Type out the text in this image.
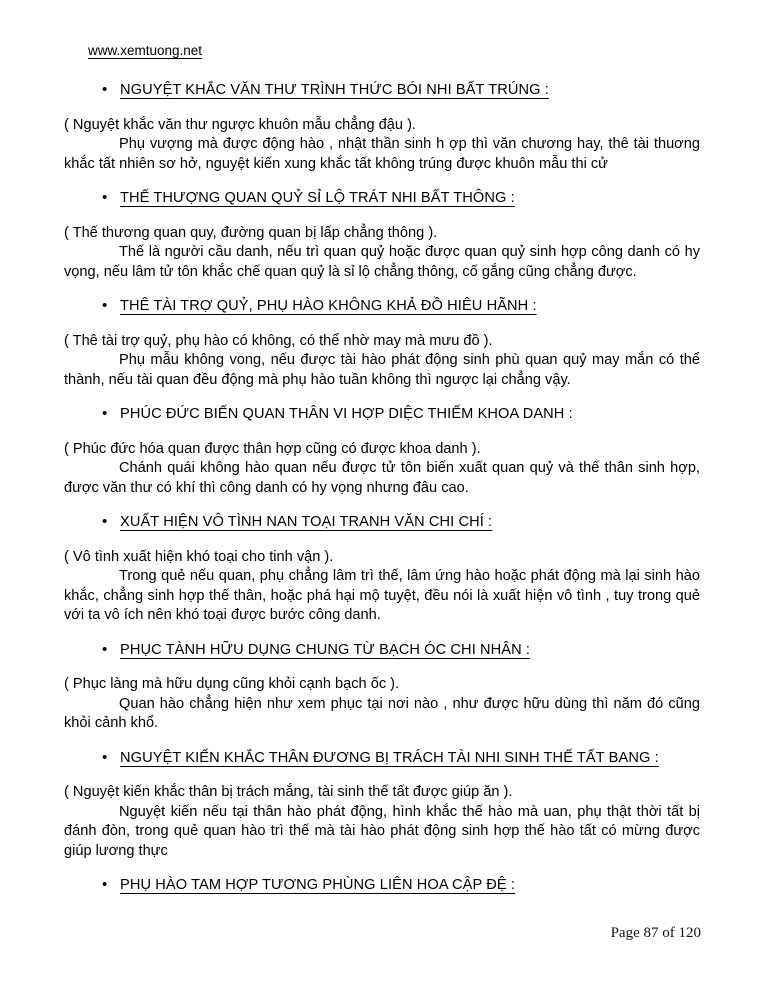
www.xemtuong.net
• NGUYỆT KHẮC VĂN THƯ TRÌNH THỨC BÓI NHI BẤT TRÚNG :

( Nguyệt khắc văn thư ngược khuôn mẫu chẳng đậu ).

Phụ vượng mà được động hào , nhật thần sinh h ợp thì văn chương hay, thê tài thuơng khắc tất nhiên sơ hở, nguyệt kiến xung khắc tất không trúng được khuôn mẫu thi cử

• THẾ THƯỢNG QUAN QUỶ SỈ LỘ TRÁT NHI BẤT THÔNG :

( Thế thương quan quy, đường quan bị lấp chẳng thông ).

Thế là người cầu danh, nếu trì quan quỷ hoặc được quan quỷ sinh hợp công danh có hy vọng, nếu lâm tử tôn khắc chế quan quỷ là sỉ lộ chẳng thông, cố gắng cũng chẳng được.

• THÊ TÀI TRỢ QUỶ, PHỤ HÀO KHÔNG KHẢ ĐỒ HIÊU HÃNH :

( Thê tài trợ quỷ, phụ hào có không, có thể nhờ may mà mưu đồ ).

Phụ mẫu không vong, nếu được tài hào phát động sinh phù quan quỷ may mắn có thể thành, nếu tài quan đều động mà phụ hào tuần không thì ngược lại chẳng vậy.

• PHÚC ĐỨC BIẾN QUAN THÂN VI HỢP DIỆC THIẾM KHOA DANH :

( Phúc đức hóa quan được thân hợp cũng có được khoa danh ).

Chánh quái không hào quan nếu được tử tôn biến xuất quan quỷ và thế thân sinh hợp, được văn thư có khí thì công danh có hy vọng nhưng đâu cao.

• XUẤT HIỆN VÔ TÌNH NAN TOẠI TRANH VĂN CHI CHÍ :

( Vô tình xuất hiện khó toại cho tinh vận ).

Trong quẻ nếu quan, phụ chẳng lâm trì thế, lâm ứng hào hoặc phát động mà lại sinh hào khắc, chẳng sinh hợp thế thân, hoặc phá hại mộ tuyệt, đều nói là xuất hiện vô tình , tuy trong quẻ với ta vô ích nên khó toại được bước công danh.

• PHỤC TÀNH HỮU DỤNG CHUNG TỪ BẠCH ÓC CHI NHÂN :

( Phục làng mà hữu dụng cũng khỏi cạnh bạch ốc ).

Quan hào chẳng hiện như xem phục tại nơi nào , như được hữu dùng thì năm đó cũng khỏi cảnh khổ.

• NGUYỆT KIẾN KHẮC THÂN ĐƯƠNG BỊ TRÁCH TÀI NHI SINH THẾ TẤT BANG :

( Nguyệt kiến khắc thân bị trách mắng, tài sinh thế tất được giúp ăn ).

Nguyệt kiến nếu tại thân hào phát động, hình khắc thế hào mà uan, phụ thật thời tất bị đánh đòn, trong quẻ quan hào trì thế mà tài hào phát động sinh hợp thế hào tất có mừng được giúp lương thực

• PHỤ HÀO TAM HỢP TƯƠNG PHÙNG LIÊN HOA CẬP ĐỆ :
Page 87 of 120
